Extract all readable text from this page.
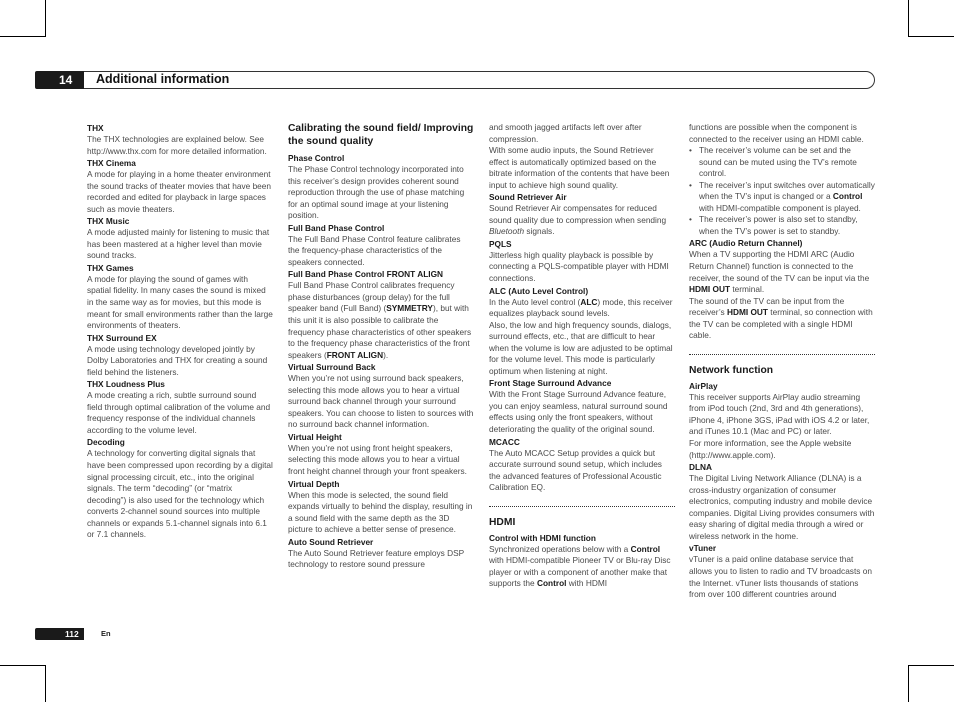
14	Additional information

THX

The THX technologies are explained below. See http://www.thx.com for more detailed information.

THX Cinema

A mode for playing in a home theater environment the sound tracks of theater movies that have been recorded and edited for playback in large spaces such as movie theaters.

THX Music

A mode adjusted mainly for listening to music that has been mastered at a higher level than movie sound tracks.

THX Games

A mode for playing the sound of games with spatial fidelity. In many cases the sound is mixed in the same way as for movies, but this mode is meant for small environments rather than the large environments of theaters.

THX Surround EX

A mode using technology developed jointly by Dolby Laboratories and THX for creating a sound field behind the listeners.

THX Loudness Plus

A mode creating a rich, subtle surround sound field through optimal calibration of the volume and frequency response of the individual channels according to the volume level.

Decoding

A technology for converting digital signals that have been compressed upon recording by a digital signal processing circuit, etc., into the original signals. The term “decoding” (or “matrix decoding”) is also used for the technology which converts 2-channel sound sources into multiple channels or expands 5.1-channel signals into 6.1 or 7.1 channels.

Calibrating the sound field/ Improving the sound quality

Phase Control

The Phase Control technology incorporated into this receiver’s design provides coherent sound reproduction through the use of phase matching for an optimal sound image at your listening position.

Full Band Phase Control

The Full Band Phase Control feature calibrates the frequency-phase characteristics of the speakers connected.

Full Band Phase Control FRONT ALIGN

Full Band Phase Control calibrates frequency phase disturbances (group delay) for the full speaker band (Full Band) (SYMMETRY), but with this unit it is also possible to calibrate the frequency phase characteristics of other speakers to the frequency phase characteristics of the front speakers (FRONT ALIGN).

Virtual Surround Back

When you’re not using surround back speakers, selecting this mode allows you to hear a virtual surround back channel through your surround speakers. You can choose to listen to sources with no surround back channel information.

Virtual Height

When you’re not using front height speakers, selecting this mode allows you to hear a virtual front height channel through your front speakers.

Virtual Depth

When this mode is selected, the sound field expands virtually to behind the display, resulting in a sound field with the same depth as the 3D picture to achieve a better sense of presence.

Auto Sound Retriever

The Auto Sound Retriever feature employs DSP technology to restore sound pressure

and smooth jagged artifacts left over after compression.

With some audio inputs, the Sound Retriever effect is automatically optimized based on the bitrate information of the contents that have been input to achieve high sound quality.

Sound Retriever Air

Sound Retriever Air compensates for reduced sound quality due to compression when sending Bluetooth signals.

PQLS

Jitterless high quality playback is possible by connecting a PQLS-compatible player with HDMI connections.

ALC (Auto Level Control)

In the Auto level control (ALC) mode, this receiver equalizes playback sound levels.

Also, the low and high frequency sounds, dialogs, surround effects, etc., that are difficult to hear when the volume is low are adjusted to be optimal for the volume level. This mode is particularly optimum when listening at night.

Front Stage Surround Advance

With the Front Stage Surround Advance feature, you can enjoy seamless, natural surround sound effects using only the front speakers, without deteriorating the quality of the original sound.

MCACC

The Auto MCACC Setup provides a quick but accurate surround sound setup, which includes the advanced features of Professional Acoustic Calibration EQ.

HDMI

Control with HDMI function

Synchronized operations below with a Control with HDMI-compatible Pioneer TV or Blu-ray Disc player or with a component of another make that supports the Control with HDMI

functions are possible when the component is connected to the receiver using an HDMI cable.

• The receiver’s volume can be set and the sound can be muted using the TV’s remote control.
• The receiver’s input switches over automatically when the TV’s input is changed or a Control with HDMI-compatible component is played.
• The receiver’s power is also set to standby, when the TV’s power is set to standby.

ARC (Audio Return Channel)

When a TV supporting the HDMI ARC (Audio Return Channel) function is connected to the receiver, the sound of the TV can be input via the HDMI OUT terminal.

The sound of the TV can be input from the receiver’s HDMI OUT terminal, so connection with the TV can be completed with a single HDMI cable.

Network function

AirPlay

This receiver supports AirPlay audio streaming from iPod touch (2nd, 3rd and 4th generations), iPhone 4, iPhone 3GS, iPad with iOS 4.2 or later, and iTunes 10.1 (Mac and PC) or later.

For more information, see the Apple website (http://www.apple.com).

DLNA

The Digital Living Network Alliance (DLNA) is a cross-industry organization of consumer electronics, computing industry and mobile device companies. Digital Living provides consumers with easy sharing of digital media through a wired or wireless network in the home.

vTuner

vTuner is a paid online database service that allows you to listen to radio and TV broadcasts on the Internet. vTuner lists thousands of stations from over 100 different countries around

112	En
